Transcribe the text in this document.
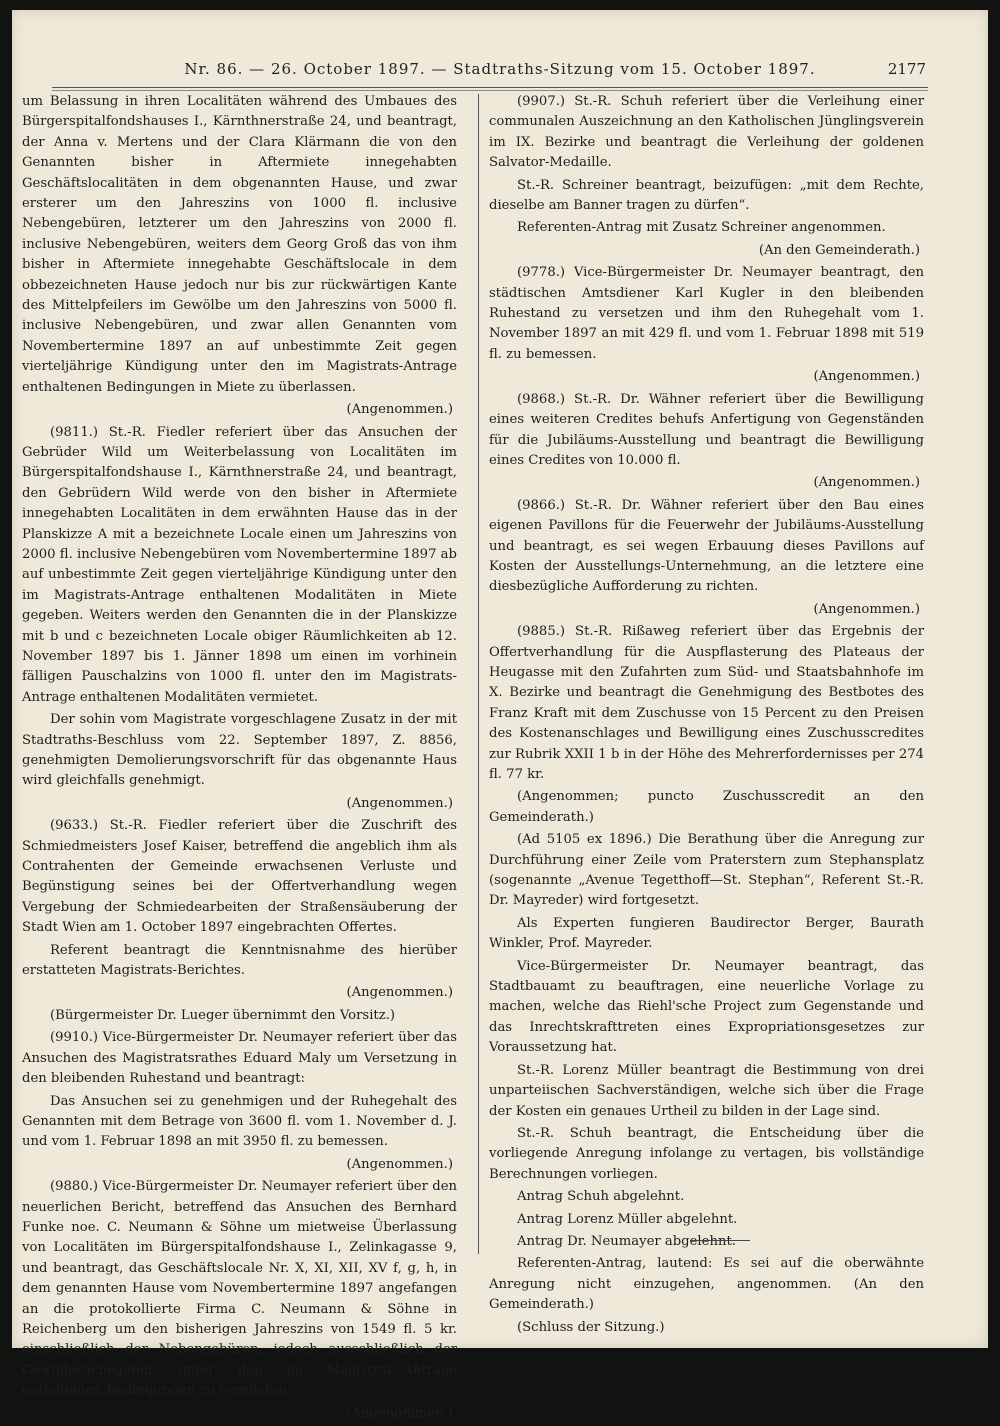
Nr. 86. — 26. October 1897. — Stadtraths-Sitzung vom 15. October 1897.	2177

um Belassung in ihren Localitäten während des Umbaues des Bürgerspitalfondshauses I., Kärnthnerstraße 24, und beantragt, der Anna v. Mertens und der Clara Klärmann die von den Genannten bisher in Aftermiete innegehabten Geschäftslocalitäten in dem obgenannten Hause, und zwar ersterer um den Jahreszins von 1000 fl. inclusive Nebengebüren, letzterer um den Jahreszins von 2000 fl. inclusive Nebengebüren, weiters dem Georg Groß das von ihm bisher in Aftermiete innegehabte Geschäftslocale in dem obbezeichneten Hause jedoch nur bis zur rückwärtigen Kante des Mittelpfeilers im Gewölbe um den Jahreszins von 5000 fl. inclusive Nebengebüren, und zwar allen Genannten vom Novembertermine 1897 an auf unbestimmte Zeit gegen vierteljährige Kündigung unter den im Magistrats-Antrage enthaltenen Bedingungen in Miete zu überlassen.

(Angenommen.)

(9811.) St.-R. Fiedler referiert über das Ansuchen der Gebrüder Wild um Weiterbelassung von Localitäten im Bürgerspitalfondshause I., Kärnthnerstraße 24, und beantragt, den Gebrüdern Wild werde von den bisher in Aftermiete innegehabten Localitäten in dem erwähnten Hause das in der Planskizze A mit a bezeichnete Locale einen um Jahreszins von 2000 fl. inclusive Nebengebüren vom Novembertermine 1897 ab auf unbestimmte Zeit gegen vierteljährige Kündigung unter den im Magistrats-Antrage enthaltenen Modalitäten in Miete gegeben. Weiters werden den Genannten die in der Planskizze mit b und c bezeichneten Locale obiger Räumlichkeiten ab 12. November 1897 bis 1. Jänner 1898 um einen im vorhinein fälligen Pauschalzins von 1000 fl. unter den im Magistrats-Antrage enthaltenen Modalitäten vermietet.

Der sohin vom Magistrate vorgeschlagene Zusatz in der mit Stadtraths-Beschluss vom 22. September 1897, Z. 8856, genehmigten Demolierungsvorschrift für das obgenannte Haus wird gleichfalls genehmigt.

(Angenommen.)

(9633.) St.-R. Fiedler referiert über die Zuschrift des Schmiedmeisters Josef Kaiser, betreffend die angeblich ihm als Contrahenten der Gemeinde erwachsenen Verluste und Begünstigung seines bei der Offertverhandlung wegen Vergebung der Schmiedearbeiten der Straßensäuberung der Stadt Wien am 1. October 1897 eingebrachten Offertes.

Referent beantragt die Kenntnisnahme des hierüber erstatteten Magistrats-Berichtes.

(Angenommen.)

(Bürgermeister Dr. Lueger übernimmt den Vorsitz.)

(9910.) Vice-Bürgermeister Dr. Neumayer referiert über das Ansuchen des Magistratsrathes Eduard Maly um Versetzung in den bleibenden Ruhestand und beantragt:

Das Ansuchen sei zu genehmigen und der Ruhegehalt des Genannten mit dem Betrage von 3600 fl. vom 1. November d. J. und vom 1. Februar 1898 an mit 3950 fl. zu bemessen.

(Angenommen.)

(9880.) Vice-Bürgermeister Dr. Neumayer referiert über den neuerlichen Bericht, betreffend das Ansuchen des Bernhard Funke noe. C. Neumann & Söhne um mietweise Überlassung von Localitäten im Bürgerspitalfondshause I., Zelinkagasse 9, und beantragt, das Geschäftslocale Nr. X, XI, XII, XV f, g, h, in dem genannten Hause vom Novembertermine 1897 angefangen an die protokollierte Firma C. Neumann & Söhne in Reichenberg um den bisherigen Jahreszins von 1549 fl. 5 kr. einschließlich der Nebengebüren, jedoch ausschließlich der Gewölbwachegebür unter den im Magistrats-Antrage enthaltenen Bedingungen zu vermieten.

(Angenommen.)

(9907.) St.-R. Schuh referiert über die Verleihung einer communalen Auszeichnung an den Katholischen Jünglingsverein im IX. Bezirke und beantragt die Verleihung der goldenen Salvator-Medaille.

St.-R. Schreiner beantragt, beizufügen: „mit dem Rechte, dieselbe am Banner tragen zu dürfen“.

Referenten-Antrag mit Zusatz Schreiner angenommen.

(An den Gemeinderath.)

(9778.) Vice-Bürgermeister Dr. Neumayer beantragt, den städtischen Amtsdiener Karl Kugler in den bleibenden Ruhestand zu versetzen und ihm den Ruhegehalt vom 1. November 1897 an mit 429 fl. und vom 1. Februar 1898 mit 519 fl. zu bemessen.

(Angenommen.)

(9868.) St.-R. Dr. Wähner referiert über die Bewilligung eines weiteren Credites behufs Anfertigung von Gegenständen für die Jubiläums-Ausstellung und beantragt die Bewilligung eines Credites von 10.000 fl.

(Angenommen.)

(9866.) St.-R. Dr. Wähner referiert über den Bau eines eigenen Pavillons für die Feuerwehr der Jubiläums-Ausstellung und beantragt, es sei wegen Erbauung dieses Pavillons auf Kosten der Ausstellungs-Unternehmung, an die letztere eine diesbezügliche Aufforderung zu richten.

(Angenommen.)

(9885.) St.-R. Rißaweg referiert über das Ergebnis der Offertverhandlung für die Auspflasterung des Plateaus der Heugasse mit den Zufahrten zum Süd- und Staatsbahnhofe im X. Bezirke und beantragt die Genehmigung des Bestbotes des Franz Kraft mit dem Zuschusse von 15 Percent zu den Preisen des Kostenanschlages und Bewilligung eines Zuschusscredites zur Rubrik XXII 1 b in der Höhe des Mehrerfordernisses per 274 fl. 77 kr.

(Angenommen; puncto Zuschusscredit an den Gemeinderath.)

(Ad 5105 ex 1896.) Die Berathung über die Anregung zur Durchführung einer Zeile vom Praterstern zum Stephansplatz (sogenannte „Avenue Tegetthoff—St. Stephan“, Referent St.-R. Dr. Mayreder) wird fortgesetzt.

Als Experten fungieren Baudirector Berger, Baurath Winkler, Prof. Mayreder.

Vice-Bürgermeister Dr. Neumayer beantragt, das Stadtbauamt zu beauftragen, eine neuerliche Vorlage zu machen, welche das Riehl'sche Project zum Gegenstande und das Inrechtskrafttreten eines Expropriationsgesetzes zur Voraussetzung hat.

St.-R. Lorenz Müller beantragt die Bestimmung von drei unparteiischen Sachverständigen, welche sich über die Frage der Kosten ein genaues Urtheil zu bilden in der Lage sind.

St.-R. Schuh beantragt, die Entscheidung über die vorliegende Anregung infolange zu vertagen, bis vollständige Berechnungen vorliegen.

Antrag Schuh abgelehnt.

Antrag Lorenz Müller abgelehnt.

Antrag Dr. Neumayer abgelehnt.

Referenten-Antrag, lautend: Es sei auf die oberwähnte Anregung nicht einzugehen, angenommen. (An den Gemeinderath.)

(Schluss der Sitzung.)
